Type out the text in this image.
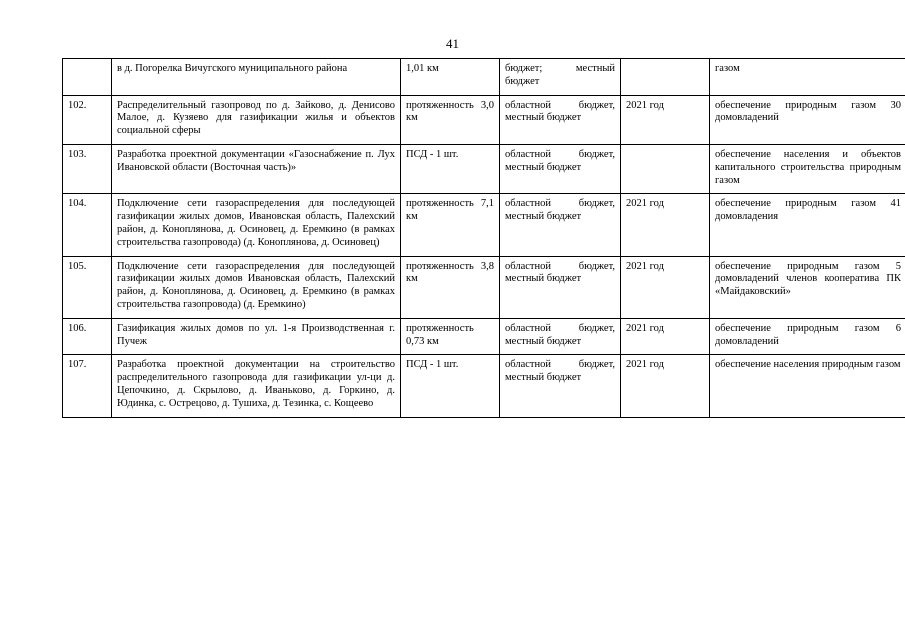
41
	в д. Погорелка Вичугского муниципального района	1,01 км	бюджет; местный бюджет		газом
102.	Распределительный газопровод по д. Зайково, д. Денисово Малое, д. Кузяево для газификации жилья и объектов социальной сферы	протяженность 3,0 км	областной бюджет, местный бюджет	2021 год	обеспечение природным газом 30 домовладений
103.	Разработка проектной документации «Газоснабжение п. Лух Ивановской области (Восточная часть)»	ПСД - 1 шт.	областной бюджет, местный бюджет		обеспечение населения и объектов капитального строительства природным газом
104.	Подключение сети газораспределения для последующей газификации жилых домов, Ивановская область, Палехский район, д. Коноплянова, д. Осиновец, д. Еремкино (в рамках строительства газопровода) (д. Коноплянова, д. Осиновец)	протяженность 7,1 км	областной бюджет, местный бюджет	2021 год	обеспечение природным газом 41 домовладения
105.	Подключение сети газораспределения для последующей газификации жилых домов Ивановская область, Палехский район, д. Коноплянова, д. Осиновец, д. Еремкино (в рамках строительства газопровода) (д. Еремкино)	протяженность 3,8 км	областной бюджет, местный бюджет	2021 год	обеспечение природным газом 5 домовладений членов кооператива ПК «Майдаковский»
106.	Газификация жилых домов по ул. 1-я Производственная г. Пучеж	протяженность 0,73 км	областной бюджет, местный бюджет	2021 год	обеспечение природным газом 6 домовладений
107.	Разработка проектной документации на строительство распределительного газопровода для газификации ул-ци д. Цепочкино, д. Скрылово, д. Иваньково, д. Горкино, д. Юдинка, с. Острецово, д. Тушиха, д. Тезинка, с. Кощеево	ПСД - 1 шт.	областной бюджет, местный бюджет	2021 год	обеспечение населения природным газом
